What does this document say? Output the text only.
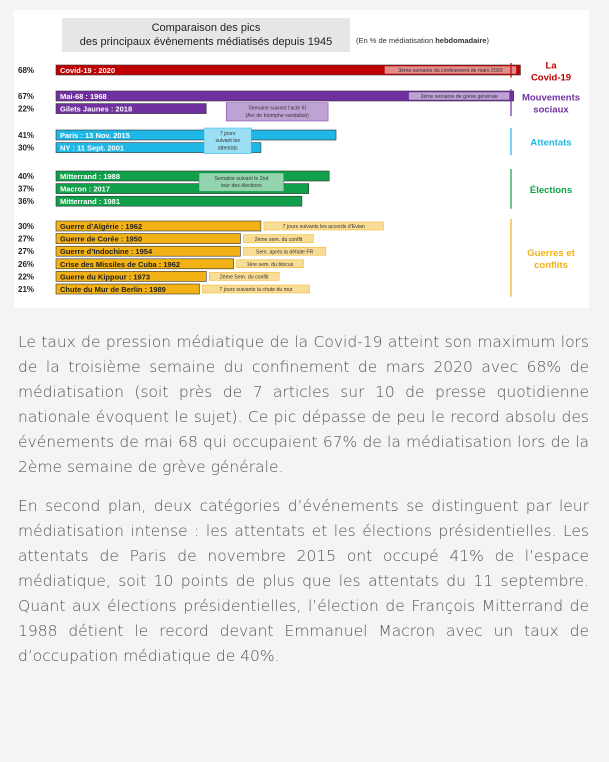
Comparaison des pics
des principaux évènements médiatisés depuis 1945	(En % de médiatisation hebdomadaire)
68%	Covid-19 : 2020	3ème semaine du confinement de mars 2020	La
Covid-19
67%	Mai-68 : 1968	2ème semaine de grève générale
22%	Gilets Jaunes : 2018	Semaine suivant l’acte III
(Arc de triomphe vandalisé)
Mouvements
sociaux
41%	Paris : 13 Nov. 2015
30%	NY : 11 Sept. 2001
7 jours
suivant les
attentats	Attentats
40%	Mitterrand : 1988
37%	Macron : 2017
36%	Mitterrand : 1981
Semaine suivant le 2nd
tour des élections	Élections
30%	Guerre d’Algérie : 1962	7 jours suivants les accords d’Evian
27%	Guerre de Corée : 1950	2ème sem. du conflit
27%	Guerre d’Indochine : 1954	Sem. après la défaite FR
26%	Crise des Missiles de Cuba : 1962	1ère sem. du blocus
22%	Guerre du Kippour : 1973	2ème Sem. du conflit
21%	Chute du Mur de Berlin : 1989	7 jours suivants la chute du mur
Guerres et
conflits

Le taux de pression médiatique de la Covid-19 atteint son maximum lors de la troisième semaine du confinement de mars 2020 avec 68% de médiatisation (soit près de 7 articles sur 10 de presse quotidienne nationale évoquent le sujet). Ce pic dépasse de peu le record absolu des événements de mai 68 qui occupaient 67% de la médiatisation lors de la 2ème semaine de grève générale.

En second plan, deux catégories d’événements se distinguent par leur médiatisation intense : les attentats et les élections présidentielles. Les attentats de Paris de novembre 2015 ont occupé 41% de l’espace médiatique, soit 10 points de plus que les attentats du 11 septembre. Quant aux élections présidentielles, l’élection de François Mitterrand de 1988 détient le record devant Emmanuel Macron avec un taux de d’occupation médiatique de 40%.
